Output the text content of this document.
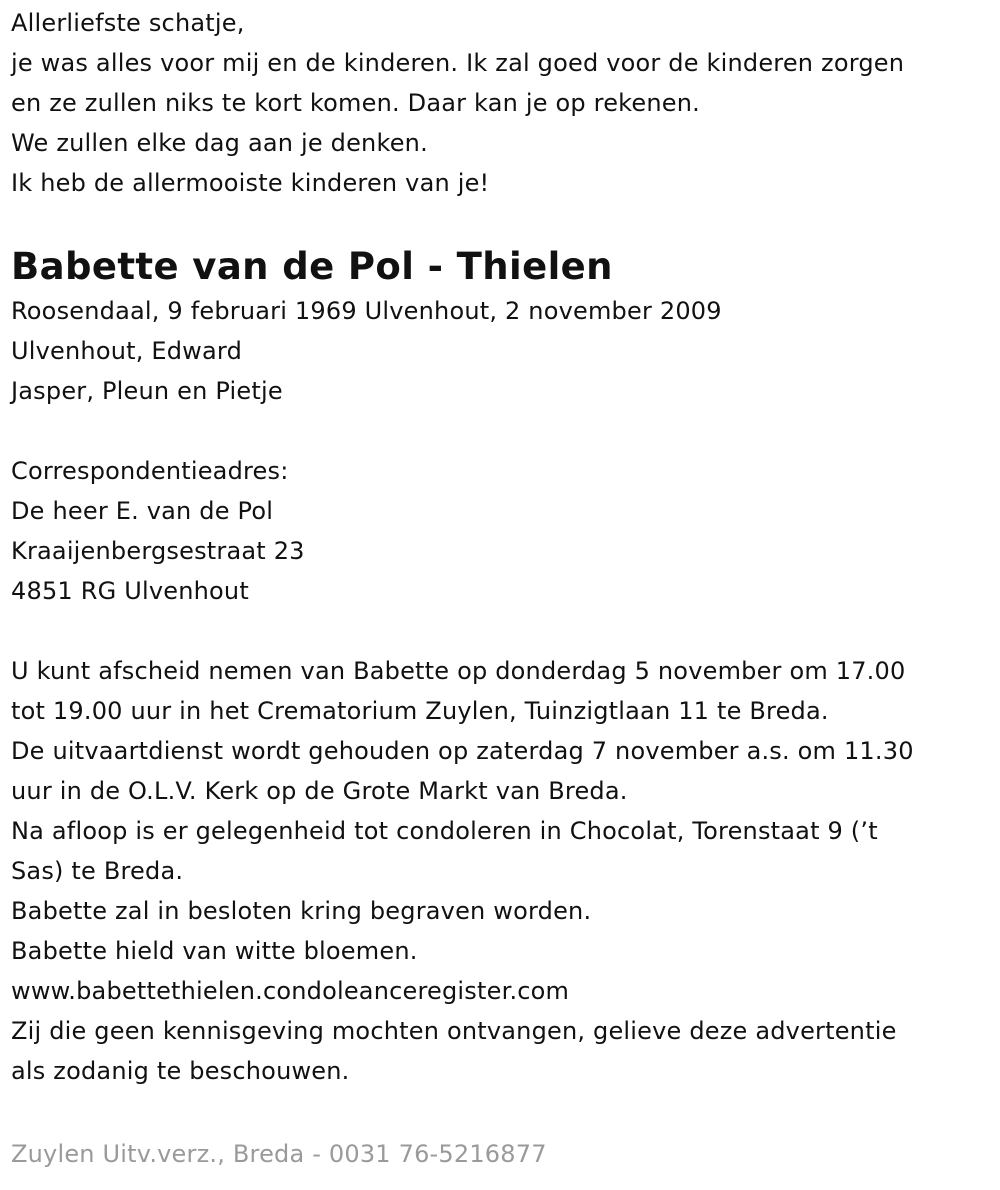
Allerliefste schatje,
je was alles voor mij en de kinderen. Ik zal goed voor de kinderen zorgen
en ze zullen niks te kort komen. Daar kan je op rekenen.
We zullen elke dag aan je denken.
Ik heb de allermooiste kinderen van je!
Babette van de Pol - Thielen
Roosendaal, 9 februari 1969 Ulvenhout, 2 november 2009
Ulvenhout, Edward
Jasper, Pleun en Pietje
Correspondentieadres:
De heer E. van de Pol
Kraaijenbergsestraat 23
4851 RG Ulvenhout
U kunt afscheid nemen van Babette op donderdag 5 november om 17.00
tot 19.00 uur in het Crematorium Zuylen, Tuinzigtlaan 11 te Breda.
De uitvaartdienst wordt gehouden op zaterdag 7 november a.s. om 11.30
uur in de O.L.V. Kerk op de Grote Markt van Breda.
Na afloop is er gelegenheid tot condoleren in Chocolat, Torenstaat 9 (’t
Sas) te Breda.
Babette zal in besloten kring begraven worden.
Babette hield van witte bloemen.
www.babettethielen.condoleanceregister.com
Zij die geen kennisgeving mochten ontvangen, gelieve deze advertentie
als zodanig te beschouwen.
Zuylen Uitv.verz., Breda - 0031 76-5216877
